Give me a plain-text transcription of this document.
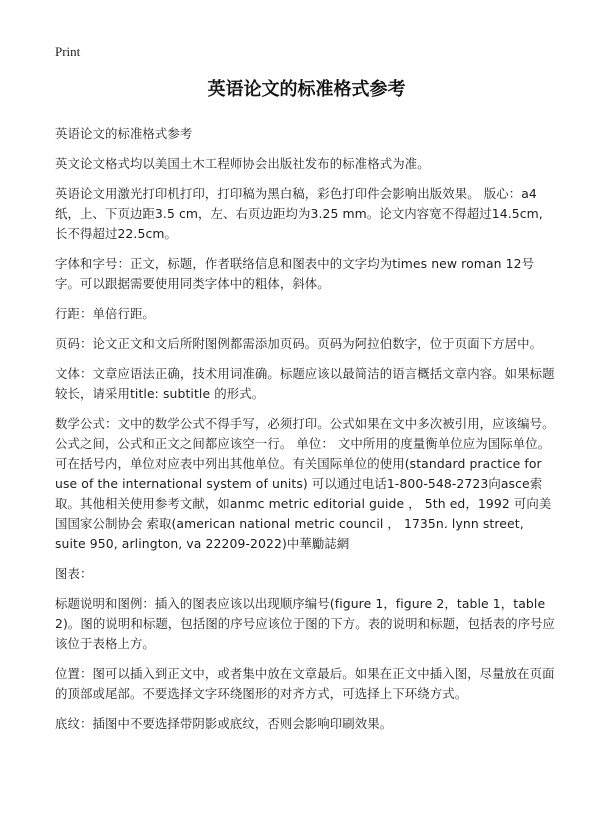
Print
英语论文的标准格式参考

英语论文的标准格式参考

英文论文格式均以美国土木工程师协会出版社发布的标准格式为准。

英语论文用激光打印机打印，打印稿为黑白稿，彩色打印件会影响出版效果。 版心：a4纸，上、下页边距3.5 cm，左、右页边距均为3.25 mm。论文内容宽不得超过14.5cm, 长不得超过22.5cm。

字体和字号：正文，标题，作者联络信息和图表中的文字均为times new roman 12号字。可以跟据需要使用同类字体中的粗体，斜体。

行距：单倍行距。

页码：论文正文和文后所附图例都需添加页码。页码为阿拉伯数字，位于页面下方居中。

文体：文章应语法正确，技术用词准确。标题应该以最简洁的语言概括文章内容。如果标题较长，请采用title: subtitle 的形式。

数学公式：文中的数学公式不得手写，必须打印。公式如果在文中多次被引用，应该编号。公式之间，公式和正文之间都应该空一行。 单位： 文中所用的度量衡单位应为国际单位。可在括号内，单位对应表中列出其他单位。有关国际单位的使用(standard practice for use of the international system of units) 可以通过电话1-800-548-2723向asce索取。其他相关使用参考文献，如anmc metric editorial guide ， 5th ed，1992 可向美国国家公制协会 索取(american national metric council ， 1735n. lynn street, suite 950, arlington, va 22209-2022)中華勵誌網

图表：

标题说明和图例：插入的图表应该以出现顺序编号(figure 1，figure 2，table 1，table 2)。图的说明和标题，包括图的序号应该位于图的下方。表的说明和标题，包括表的序号应该位于表格上方。

位置：图可以插入到正文中，或者集中放在文章最后。如果在正文中插入图，尽量放在页面的顶部或尾部。不要选择文字环绕图形的对齐方式，可选择上下环绕方式。

底纹：插图中不要选择带阴影或底纹，否则会影响印刷效果。
